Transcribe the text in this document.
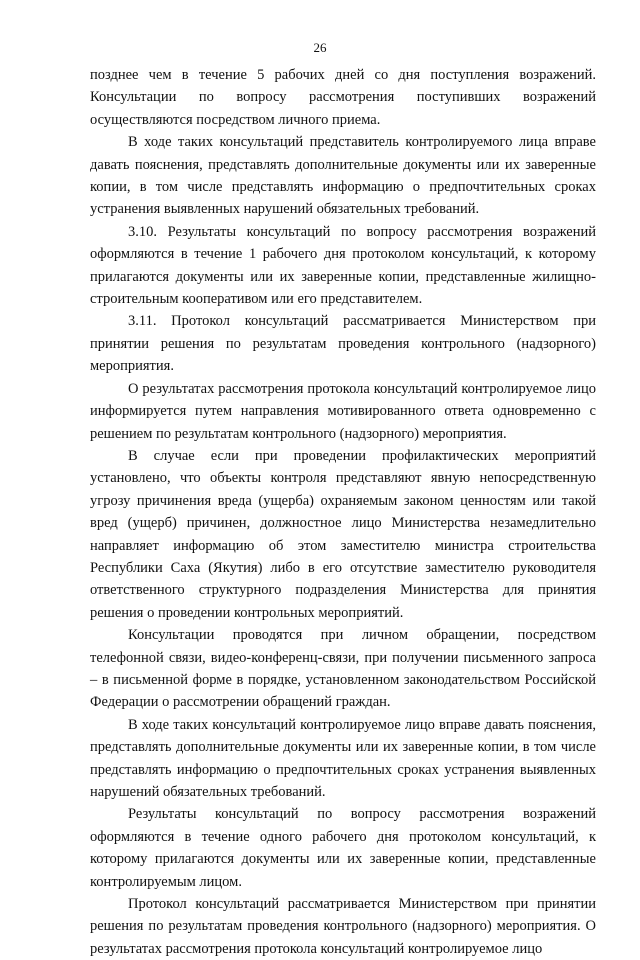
26

позднее чем в течение 5 рабочих дней со дня поступления возражений. Консультации по вопросу рассмотрения поступивших возражений осуществляются посредством личного приема.

В ходе таких консультаций представитель контролируемого лица вправе давать пояснения, представлять дополнительные документы или их заверенные копии, в том числе представлять информацию о предпочтительных сроках устранения выявленных нарушений обязательных требований.

3.10. Результаты консультаций по вопросу рассмотрения возражений оформляются в течение 1 рабочего дня протоколом консультаций, к которому прилагаются документы или их заверенные копии, представленные жилищно-строительным кооперативом или его представителем.

3.11. Протокол консультаций рассматривается Министерством при принятии решения по результатам проведения контрольного (надзорного) мероприятия.

О результатах рассмотрения протокола консультаций контролируемое лицо информируется путем направления мотивированного ответа одновременно с решением по результатам контрольного (надзорного) мероприятия.

В случае если при проведении профилактических мероприятий установлено, что объекты контроля представляют явную непосредственную угрозу причинения вреда (ущерба) охраняемым законом ценностям или такой вред (ущерб) причинен, должностное лицо Министерства незамедлительно направляет информацию об этом заместителю министра строительства Республики Саха (Якутия) либо в его отсутствие заместителю руководителя ответственного структурного подразделения Министерства для принятия решения о проведении контрольных мероприятий.

Консультации проводятся при личном обращении, посредством телефонной связи, видео-конференц-связи, при получении письменного запроса – в письменной форме в порядке, установленном законодательством Российской Федерации о рассмотрении обращений граждан.

В ходе таких консультаций контролируемое лицо вправе давать пояснения, представлять дополнительные документы или их заверенные копии, в том числе представлять информацию о предпочтительных сроках устранения выявленных нарушений обязательных требований.

Результаты консультаций по вопросу рассмотрения возражений оформляются в течение одного рабочего дня протоколом консультаций, к которому прилагаются документы или их заверенные копии, представленные контролируемым лицом.

Протокол консультаций рассматривается Министерством при принятии решения по результатам проведения контрольного (надзорного) мероприятия. О результатах рассмотрения протокола консультаций контролируемое лицо
